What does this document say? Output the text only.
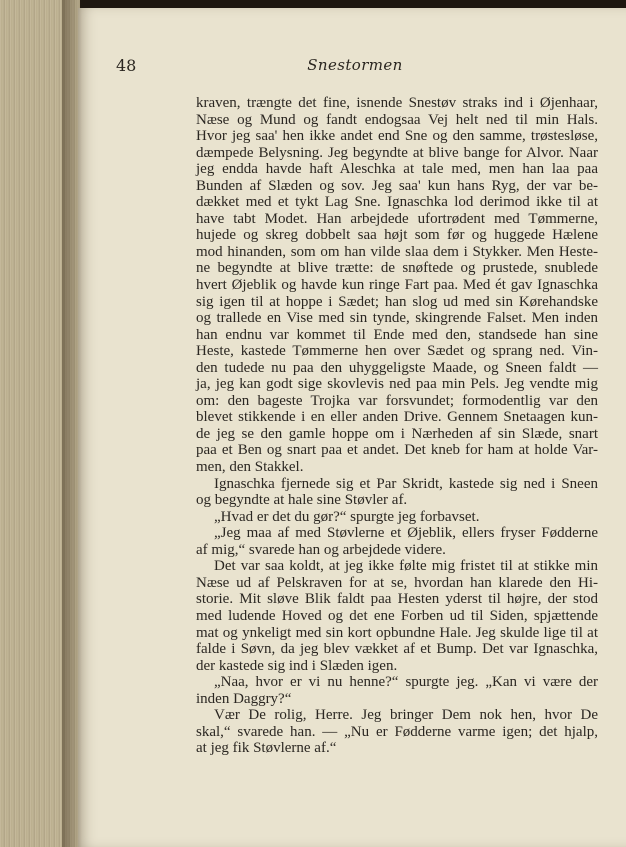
48	Snestormen
kraven, trængte det fine, isnende Snestøv straks ind i Øjenhaar,
Næse og Mund og fandt endogsaa Vej helt ned til min Hals.
Hvor jeg saa' hen ikke andet end Sne og den samme, trøstesløse,
dæmpede Belysning. Jeg begyndte at blive bange for Alvor. Naar
jeg endda havde haft Aleschka at tale med, men han laa paa
Bunden af Slæden og sov. Jeg saa' kun hans Ryg, der var be-
dækket med et tykt Lag Sne. Ignaschka lod derimod ikke til at
have tabt Modet. Han arbejdede ufortrødent med Tømmerne,
hujede og skreg dobbelt saa højt som før og huggede Hælene
mod hinanden, som om han vilde slaa dem i Stykker. Men Heste-
ne begyndte at blive trætte: de snøftede og prustede, snublede
hvert Øjeblik og havde kun ringe Fart paa. Med ét gav Ignaschka
sig igen til at hoppe i Sædet; han slog ud med sin Kørehandske
og trallede en Vise med sin tynde, skingrende Falset. Men inden
han endnu var kommet til Ende med den, standsede han sine
Heste, kastede Tømmerne hen over Sædet og sprang ned. Vin-
den tudede nu paa den uhyggeligste Maade, og Sneen faldt —
ja, jeg kan godt sige skovlevis ned paa min Pels. Jeg vendte mig
om: den bageste Trojka var forsvundet; formodentlig var den
blevet stikkende i en eller anden Drive. Gennem Snetaagen kun-
de jeg se den gamle hoppe om i Nærheden af sin Slæde, snart
paa et Ben og snart paa et andet. Det kneb for ham at holde Var-
men, den Stakkel.
Ignaschka fjernede sig et Par Skridt, kastede sig ned i Sneen
og begyndte at hale sine Støvler af.
„Hvad er det du gør?“ spurgte jeg forbavset.
„Jeg maa af med Støvlerne et Øjeblik, ellers fryser Fødderne
af mig,“ svarede han og arbejdede videre.
Det var saa koldt, at jeg ikke følte mig fristet til at stikke min
Næse ud af Pelskraven for at se, hvordan han klarede den Hi-
storie. Mit sløve Blik faldt paa Hesten yderst til højre, der stod
med ludende Hoved og det ene Forben ud til Siden, spjættende
mat og ynkeligt med sin kort opbundne Hale. Jeg skulde lige til at
falde i Søvn, da jeg blev vækket af et Bump. Det var Ignaschka,
der kastede sig ind i Slæden igen.
„Naa, hvor er vi nu henne?“ spurgte jeg. „Kan vi være der
inden Daggry?“
Vær De rolig, Herre. Jeg bringer Dem nok hen, hvor De
skal,“ svarede han. — „Nu er Fødderne varme igen; det hjalp,
at jeg fik Støvlerne af.“
